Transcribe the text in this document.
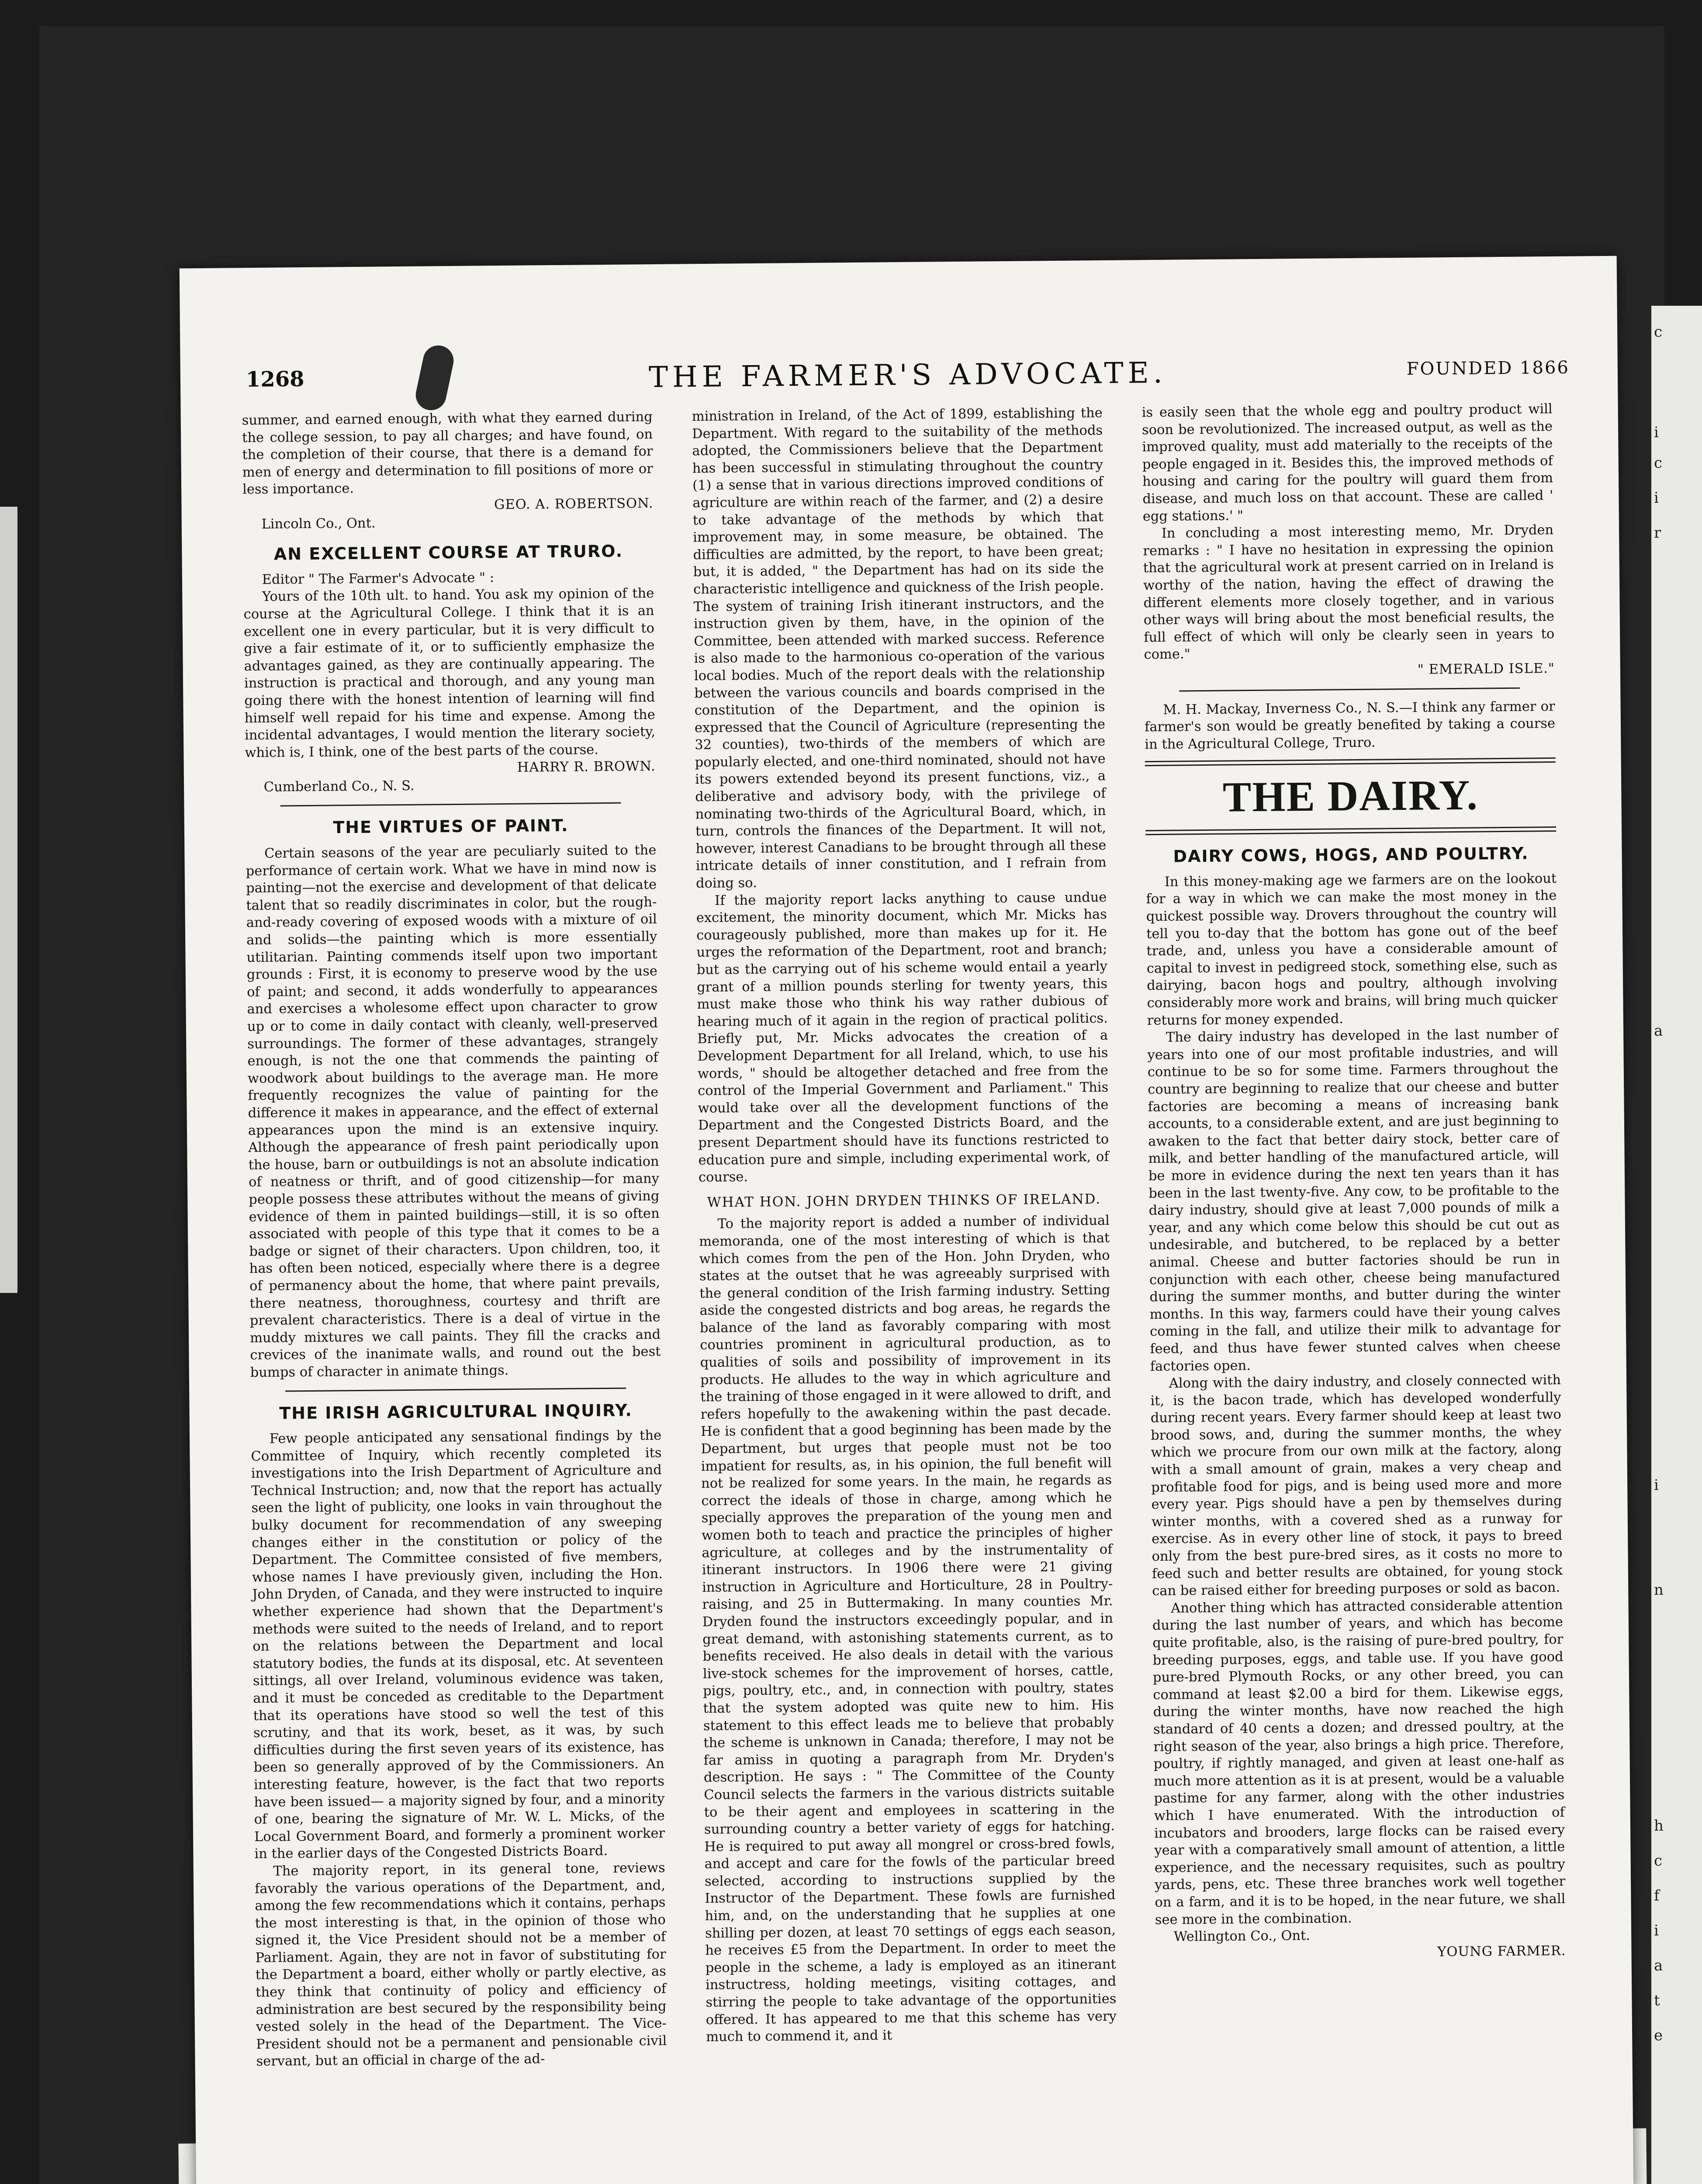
c
i
c
i
r
a
i
n
h
c
f
i
a
t
e
1268	THE FARMER'S ADVOCATE.	FOUNDED 1866

summer, and earned enough, with what they earned during the college session, to pay all charges; and have found, on the completion of their course, that there is a demand for men of energy and determination to fill positions of more or less importance.

GEO. A. ROBERTSON.

Lincoln Co., Ont.

AN EXCELLENT COURSE AT TRURO.

Editor " The Farmer's Advocate " :

Yours of the 10th ult. to hand. You ask my opinion of the course at the Agricultural College. I think that it is an excellent one in every particular, but it is very difficult to give a fair estimate of it, or to sufficiently emphasize the advantages gained, as they are continually appearing. The instruction is practical and thorough, and any young man going there with the honest intention of learning will find himself well repaid for his time and expense. Among the incidental advantages, I would mention the literary society, which is, I think, one of the best parts of the course.

HARRY R. BROWN.

Cumberland Co., N. S.

THE VIRTUES OF PAINT.

Certain seasons of the year are peculiarly suited to the performance of certain work. What we have in mind now is painting—not the exercise and development of that delicate talent that so readily discriminates in color, but the rough-and-ready covering of exposed woods with a mixture of oil and solids—the painting which is more essentially utilitarian. Painting commends itself upon two important grounds : First, it is economy to preserve wood by the use of paint; and second, it adds wonderfully to appearances and exercises a wholesome effect upon character to grow up or to come in daily contact with cleanly, well-preserved surroundings. The former of these advantages, strangely enough, is not the one that commends the painting of woodwork about buildings to the average man. He more frequently recognizes the value of painting for the difference it makes in appearance, and the effect of external appearances upon the mind is an extensive inquiry. Although the appearance of fresh paint periodically upon the house, barn or outbuildings is not an absolute indication of neatness or thrift, and of good citizenship—for many people possess these attributes without the means of giving evidence of them in painted buildings—still, it is so often associated with people of this type that it comes to be a badge or signet of their characters. Upon children, too, it has often been noticed, especially where there is a degree of permanency about the home, that where paint prevails, there neatness, thoroughness, courtesy and thrift are prevalent characteristics. There is a deal of virtue in the muddy mixtures we call paints. They fill the cracks and crevices of the inanimate walls, and round out the best bumps of character in animate things.

THE IRISH AGRICULTURAL INQUIRY.

Few people anticipated any sensational findings by the Committee of Inquiry, which recently completed its investigations into the Irish Department of Agriculture and Technical Instruction; and, now that the report has actually seen the light of publicity, one looks in vain throughout the bulky document for recommendation of any sweeping changes either in the constitution or policy of the Department. The Committee consisted of five members, whose names I have previously given, including the Hon. John Dryden, of Canada, and they were instructed to inquire whether experience had shown that the Department's methods were suited to the needs of Ireland, and to report on the relations between the Department and local statutory bodies, the funds at its disposal, etc. At seventeen sittings, all over Ireland, voluminous evidence was taken, and it must be conceded as creditable to the Department that its operations have stood so well the test of this scrutiny, and that its work, beset, as it was, by such difficulties during the first seven years of its existence, has been so generally approved of by the Commissioners. An interesting feature, however, is the fact that two reports have been issued— a majority signed by four, and a minority of one, bearing the signature of Mr. W. L. Micks, of the Local Government Board, and formerly a prominent worker in the earlier days of the Congested Districts Board.

The majority report, in its general tone, reviews favorably the various operations of the Department, and, among the few recommendations which it contains, perhaps the most interesting is that, in the opinion of those who signed it, the Vice President should not be a member of Parliament. Again, they are not in favor of substituting for the Department a board, either wholly or partly elective, as they think that continuity of policy and efficiency of administration are best secured by the responsibility being vested solely in the head of the Department. The Vice-President should not be a permanent and pensionable civil servant, but an official in charge of the ad-

ministration in Ireland, of the Act of 1899, establishing the Department. With regard to the suitability of the methods adopted, the Commissioners believe that the Department has been successful in stimulating throughout the country (1) a sense that in various directions improved conditions of agriculture are within reach of the farmer, and (2) a desire to take advantage of the methods by which that improvement may, in some measure, be obtained. The difficulties are admitted, by the report, to have been great; but, it is added, " the Department has had on its side the characteristic intelligence and quickness of the Irish people. The system of training Irish itinerant instructors, and the instruction given by them, have, in the opinion of the Committee, been attended with marked success. Reference is also made to the harmonious co-operation of the various local bodies. Much of the report deals with the relationship between the various councils and boards comprised in the constitution of the Department, and the opinion is expressed that the Council of Agriculture (representing the 32 counties), two-thirds of the members of which are popularly elected, and one-third nominated, should not have its powers extended beyond its present functions, viz., a deliberative and advisory body, with the privilege of nominating two-thirds of the Agricultural Board, which, in turn, controls the finances of the Department. It will not, however, interest Canadians to be brought through all these intricate details of inner constitution, and I refrain from doing so.

If the majority report lacks anything to cause undue excitement, the minority document, which Mr. Micks has courageously published, more than makes up for it. He urges the reformation of the Department, root and branch; but as the carrying out of his scheme would entail a yearly grant of a million pounds sterling for twenty years, this must make those who think his way rather dubious of hearing much of it again in the region of practical politics. Briefly put, Mr. Micks advocates the creation of a Development Department for all Ireland, which, to use his words, " should be altogether detached and free from the control of the Imperial Government and Parliament." This would take over all the development functions of the Department and the Congested Districts Board, and the present Department should have its functions restricted to education pure and simple, including experimental work, of course.

WHAT HON. JOHN DRYDEN THINKS OF IRELAND.

To the majority report is added a number of individual memoranda, one of the most interesting of which is that which comes from the pen of the Hon. John Dryden, who states at the outset that he was agreeably surprised with the general condition of the Irish farming industry. Setting aside the congested districts and bog areas, he regards the balance of the land as favorably comparing with most countries prominent in agricultural production, as to qualities of soils and possibility of improvement in its products. He alludes to the way in which agriculture and the training of those engaged in it were allowed to drift, and refers hopefully to the awakening within the past decade. He is confident that a good beginning has been made by the Department, but urges that people must not be too impatient for results, as, in his opinion, the full benefit will not be realized for some years. In the main, he regards as correct the ideals of those in charge, among which he specially approves the preparation of the young men and women both to teach and practice the principles of higher agriculture, at colleges and by the instrumentality of itinerant instructors. In 1906 there were 21 giving instruction in Agriculture and Horticulture, 28 in Poultry-raising, and 25 in Buttermaking. In many counties Mr. Dryden found the instructors exceedingly popular, and in great demand, with astonishing statements current, as to benefits received. He also deals in detail with the various live-stock schemes for the improvement of horses, cattle, pigs, poultry, etc., and, in connection with poultry, states that the system adopted was quite new to him. His statement to this effect leads me to believe that probably the scheme is unknown in Canada; therefore, I may not be far amiss in quoting a paragraph from Mr. Dryden's description. He says : " The Committee of the County Council selects the farmers in the various districts suitable to be their agent and employees in scattering in the surrounding country a better variety of eggs for hatching. He is required to put away all mongrel or cross-bred fowls, and accept and care for the fowls of the particular breed selected, according to instructions supplied by the Instructor of the Department. These fowls are furnished him, and, on the understanding that he supplies at one shilling per dozen, at least 70 settings of eggs each season, he receives £5 from the Department. In order to meet the people in the scheme, a lady is employed as an itinerant instructress, holding meetings, visiting cottages, and stirring the people to take advantage of the opportunities offered. It has appeared to me that this scheme has very much to commend it, and it

is easily seen that the whole egg and poultry product will soon be revolutionized. The increased output, as well as the improved quality, must add materially to the receipts of the people engaged in it. Besides this, the improved methods of housing and caring for the poultry will guard them from disease, and much loss on that account. These are called ' egg stations.' "

In concluding a most interesting memo, Mr. Dryden remarks : " I have no hesitation in expressing the opinion that the agricultural work at present carried on in Ireland is worthy of the nation, having the effect of drawing the different elements more closely together, and in various other ways will bring about the most beneficial results, the full effect of which will only be clearly seen in years to come."

" EMERALD ISLE."

M. H. Mackay, Inverness Co., N. S.—I think any farmer or farmer's son would be greatly benefited by taking a course in the Agricultural College, Truro.

THE DAIRY.
DAIRY COWS, HOGS, AND POULTRY.

In this money-making age we farmers are on the lookout for a way in which we can make the most money in the quickest possible way. Drovers throughout the country will tell you to-day that the bottom has gone out of the beef trade, and, unless you have a considerable amount of capital to invest in pedigreed stock, something else, such as dairying, bacon hogs and poultry, although involving considerably more work and brains, will bring much quicker returns for money expended.

The dairy industry has developed in the last number of years into one of our most profitable industries, and will continue to be so for some time. Farmers throughout the country are beginning to realize that our cheese and butter factories are becoming a means of increasing bank accounts, to a considerable extent, and are just beginning to awaken to the fact that better dairy stock, better care of milk, and better handling of the manufactured article, will be more in evidence during the next ten years than it has been in the last twenty-five. Any cow, to be profitable to the dairy industry, should give at least 7,000 pounds of milk a year, and any which come below this should be cut out as undesirable, and butchered, to be replaced by a better animal. Cheese and butter factories should be run in conjunction with each other, cheese being manufactured during the summer months, and butter during the winter months. In this way, farmers could have their young calves coming in the fall, and utilize their milk to advantage for feed, and thus have fewer stunted calves when cheese factories open.

Along with the dairy industry, and closely connected with it, is the bacon trade, which has developed wonderfully during recent years. Every farmer should keep at least two brood sows, and, during the summer months, the whey which we procure from our own milk at the factory, along with a small amount of grain, makes a very cheap and profitable food for pigs, and is being used more and more every year. Pigs should have a pen by themselves during winter months, with a covered shed as a runway for exercise. As in every other line of stock, it pays to breed only from the best pure-bred sires, as it costs no more to feed such and better results are obtained, for young stock can be raised either for breeding purposes or sold as bacon.

Another thing which has attracted considerable attention during the last number of years, and which has become quite profitable, also, is the raising of pure-bred poultry, for breeding purposes, eggs, and table use. If you have good pure-bred Plymouth Rocks, or any other breed, you can command at least $2.00 a bird for them. Likewise eggs, during the winter months, have now reached the high standard of 40 cents a dozen; and dressed poultry, at the right season of the year, also brings a high price. Therefore, poultry, if rightly managed, and given at least one-half as much more attention as it is at present, would be a valuable pastime for any farmer, along with the other industries which I have enumerated. With the introduction of incubators and brooders, large flocks can be raised every year with a comparatively small amount of attention, a little experience, and the necessary requisites, such as poultry yards, pens, etc. These three branches work well together on a farm, and it is to be hoped, in the near future, we shall see more in the combination.

Wellington Co., Ont.

YOUNG FARMER.
